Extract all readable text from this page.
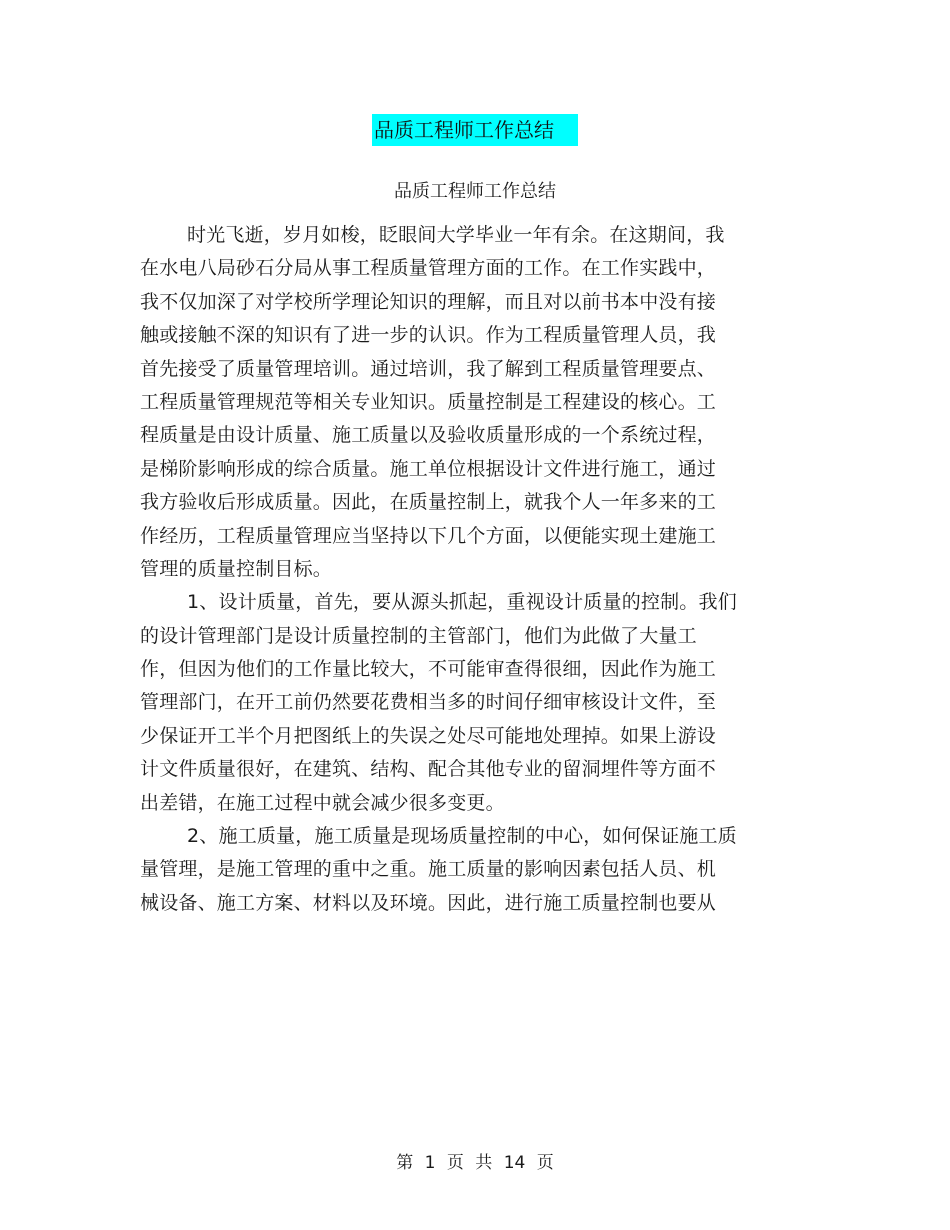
品质工程师工作总结
品质工程师工作总结
时光飞逝，岁月如梭，眨眼间大学毕业一年有余。在这期间，我
在水电八局砂石分局从事工程质量管理方面的工作。在工作实践中，
我不仅加深了对学校所学理论知识的理解，而且对以前书本中没有接
触或接触不深的知识有了进一步的认识。作为工程质量管理人员，我
首先接受了质量管理培训。通过培训，我了解到工程质量管理要点、
工程质量管理规范等相关专业知识。质量控制是工程建设的核心。工
程质量是由设计质量、施工质量以及验收质量形成的一个系统过程，
是梯阶影响形成的综合质量。施工单位根据设计文件进行施工，通过
我方验收后形成质量。因此，在质量控制上，就我个人一年多来的工
作经历，工程质量管理应当坚持以下几个方面，以便能实现土建施工
管理的质量控制目标。
1、设计质量，首先，要从源头抓起，重视设计质量的控制。我们
的设计管理部门是设计质量控制的主管部门，他们为此做了大量工
作，但因为他们的工作量比较大，不可能审查得很细，因此作为施工
管理部门，在开工前仍然要花费相当多的时间仔细审核设计文件，至
少保证开工半个月把图纸上的失误之处尽可能地处理掉。如果上游设
计文件质量很好，在建筑、结构、配合其他专业的留洞埋件等方面不
出差错，在施工过程中就会减少很多变更。
2、施工质量，施工质量是现场质量控制的中心，如何保证施工质
量管理，是施工管理的重中之重。施工质量的影响因素包括人员、机
械设备、施工方案、材料以及环境。因此，进行施工质量控制也要从
第 1 页 共 14 页
